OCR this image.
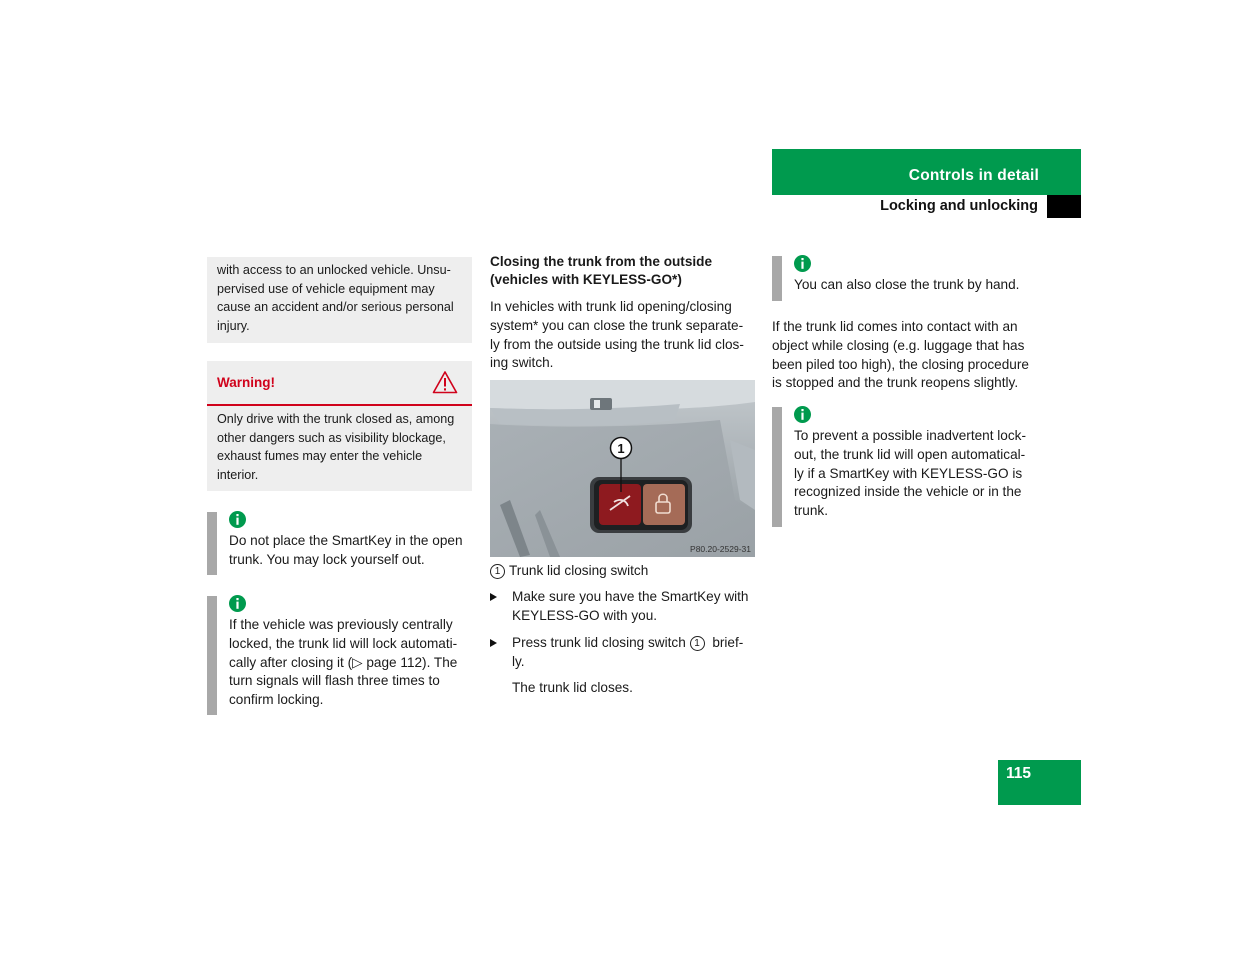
Controls in detail
Locking and unlocking

with access to an unlocked vehicle. Unsu-
pervised use of vehicle equipment may
cause an accident and/or serious personal
injury.

Warning!

Only drive with the trunk closed as, among
other dangers such as visibility blockage,
exhaust fumes may enter the vehicle
interior.

Do not place the SmartKey in the open
trunk. You may lock yourself out.

If the vehicle was previously centrally
locked, the trunk lid will lock automati-
cally after closing it (▷ page 112). The
turn signals will flash three times to
confirm locking.

Closing the trunk from the outside
(vehicles with KEYLESS-GO*)

In vehicles with trunk lid opening/closing
system* you can close the trunk separate-
ly from the outside using the trunk lid clos-
ing switch.

1
P80.20-2529-31
1 Trunk lid closing switch
Make sure you have the SmartKey with
KEYLESS-GO with you.
Press trunk lid closing switch 1 brief-
ly.
The trunk lid closes.

You can also close the trunk by hand.

If the trunk lid comes into contact with an
object while closing (e.g. luggage that has
been piled too high), the closing procedure
is stopped and the trunk reopens slightly.

To prevent a possible inadvertent lock-
out, the trunk lid will open automatical-
ly if a SmartKey with KEYLESS-GO is
recognized inside the vehicle or in the
trunk.

115
